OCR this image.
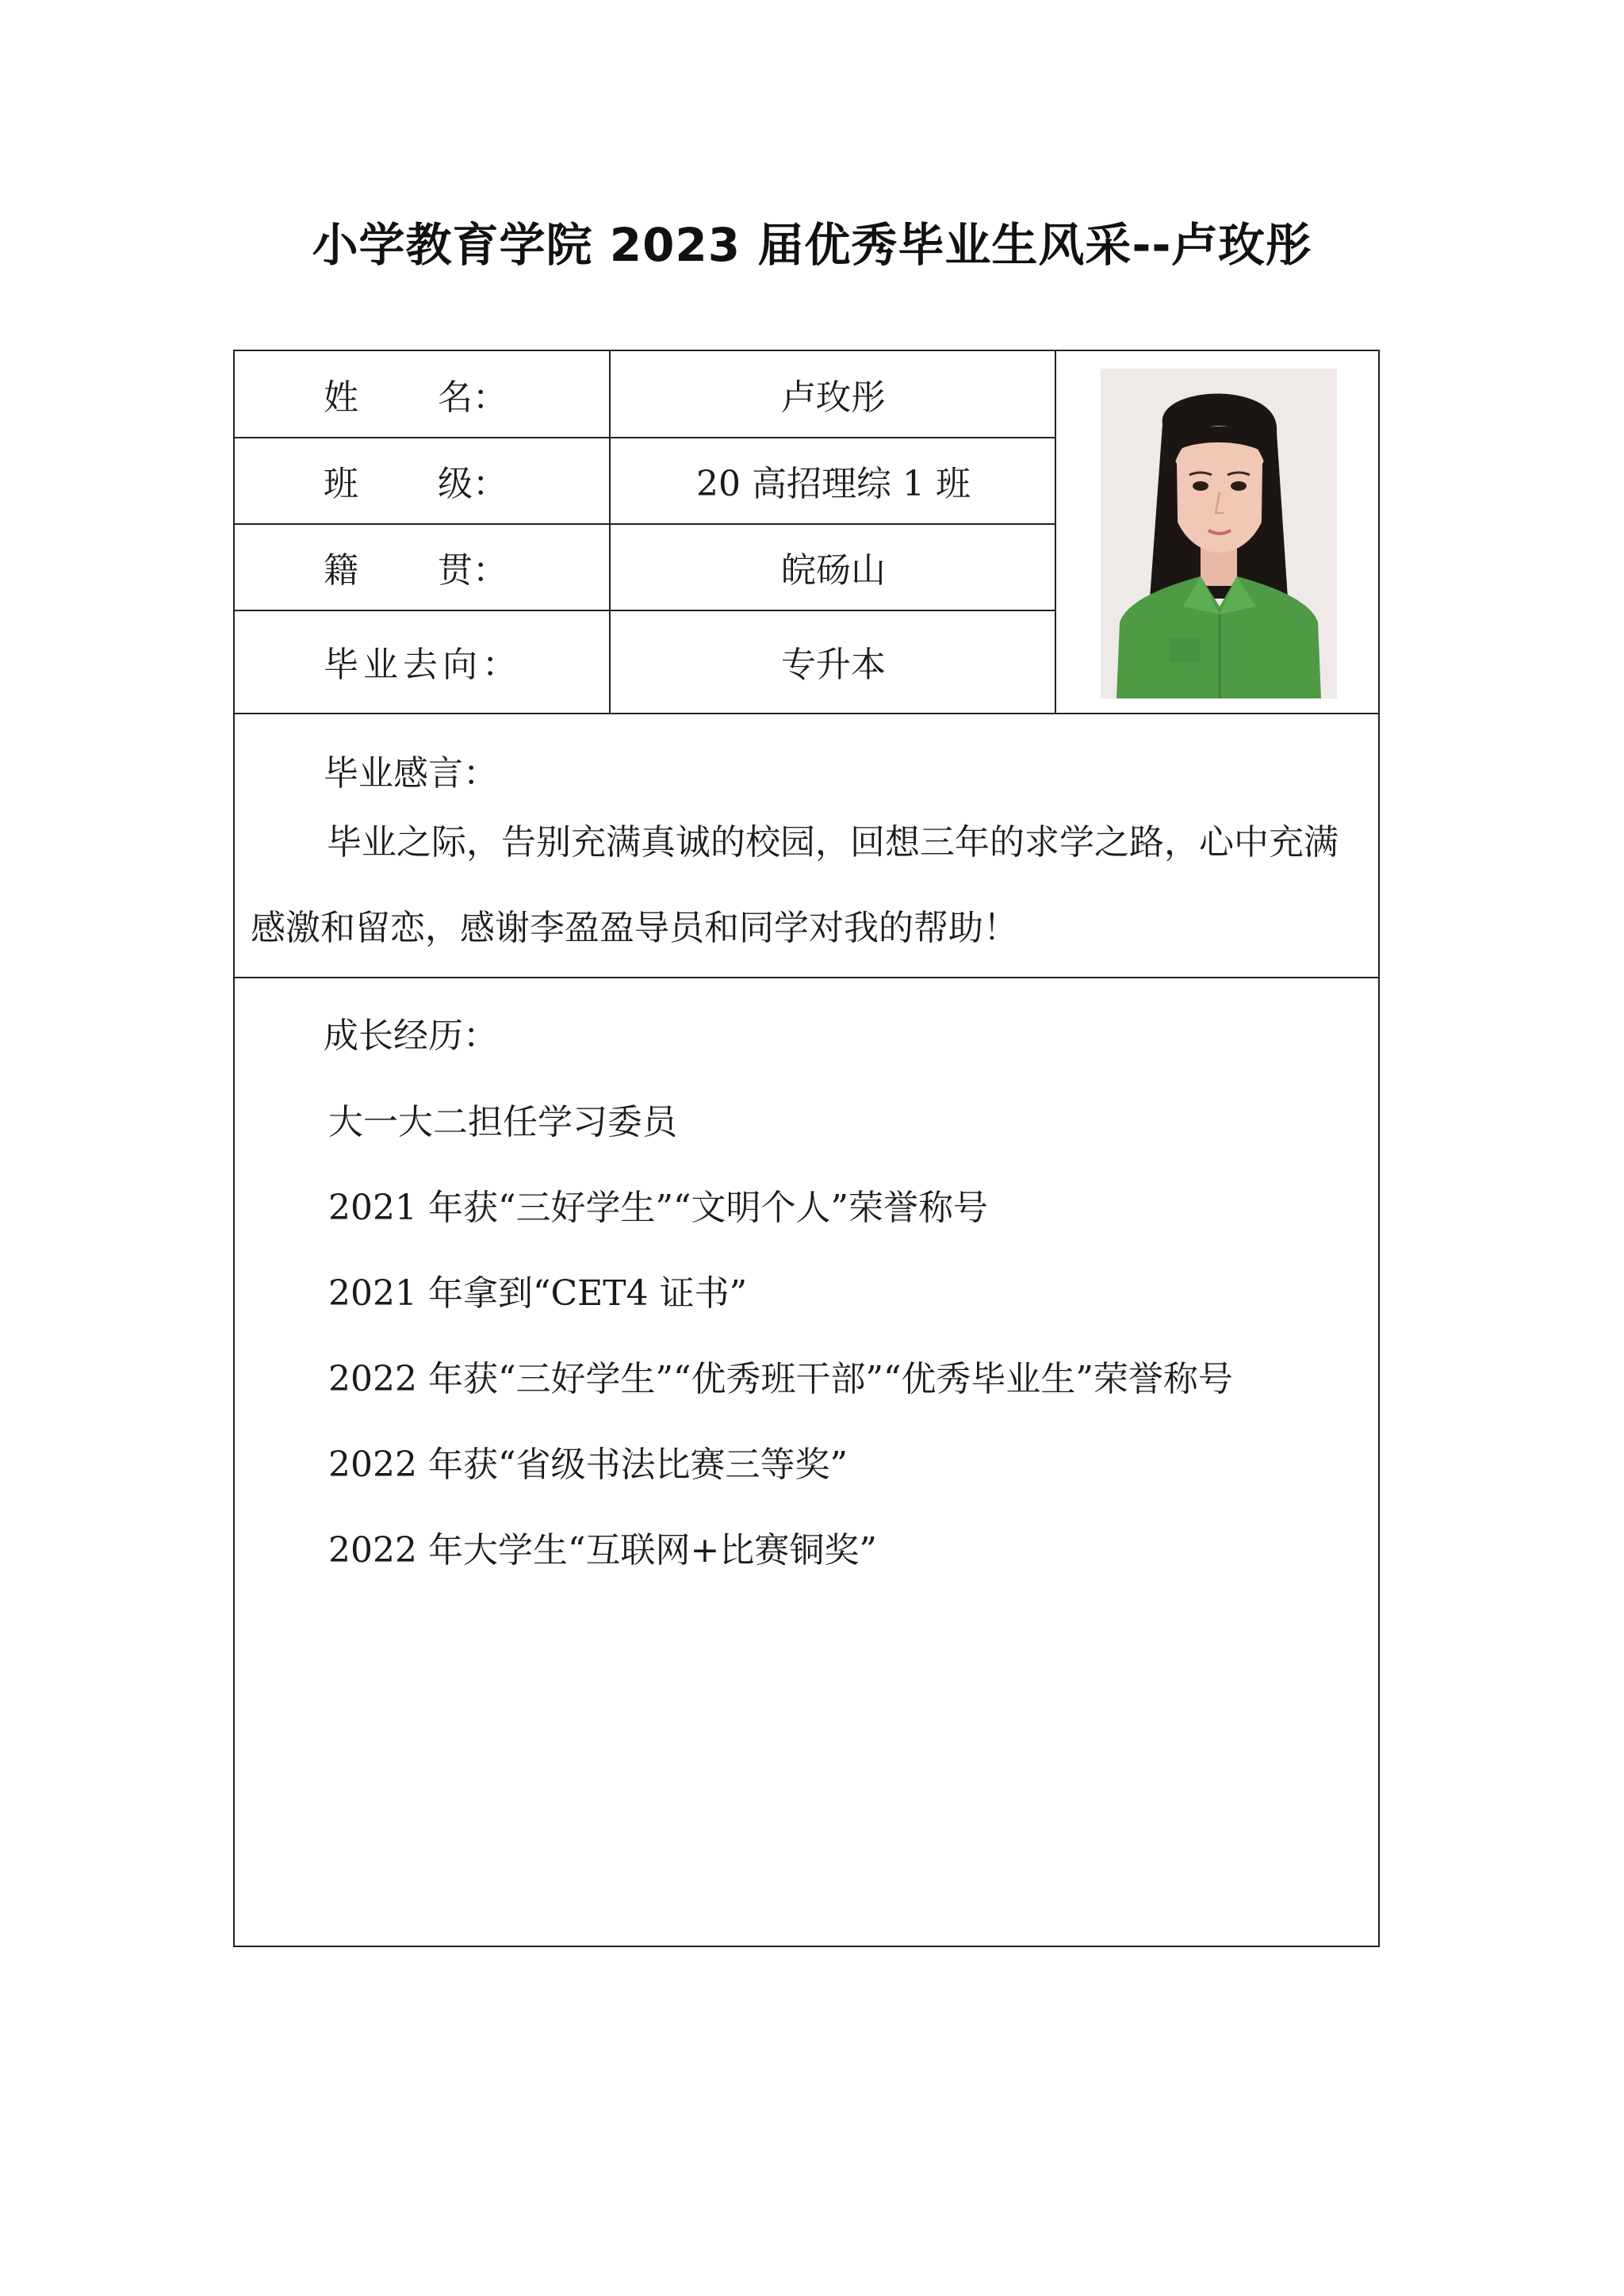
小学教育学院 2023 届优秀毕业生风采--卢玫彤
姓 名：	卢玫彤
班 级：	20 高招理综 1 班
籍 贯：	皖砀山
毕业去向：	专升本
毕业感言：

毕业之际，告别充满真诚的校园，回想三年的求学之路，心中充满感激和留恋，感谢李盈盈导员和同学对我的帮助！

成长经历：
大一大二担任学习委员
2021 年获“三好学生”“文明个人”荣誉称号
2021 年拿到“CET4 证书”
2022 年获“三好学生”“优秀班干部”“优秀毕业生”荣誉称号
2022 年获“省级书法比赛三等奖”
2022 年大学生“互联网+比赛铜奖”
